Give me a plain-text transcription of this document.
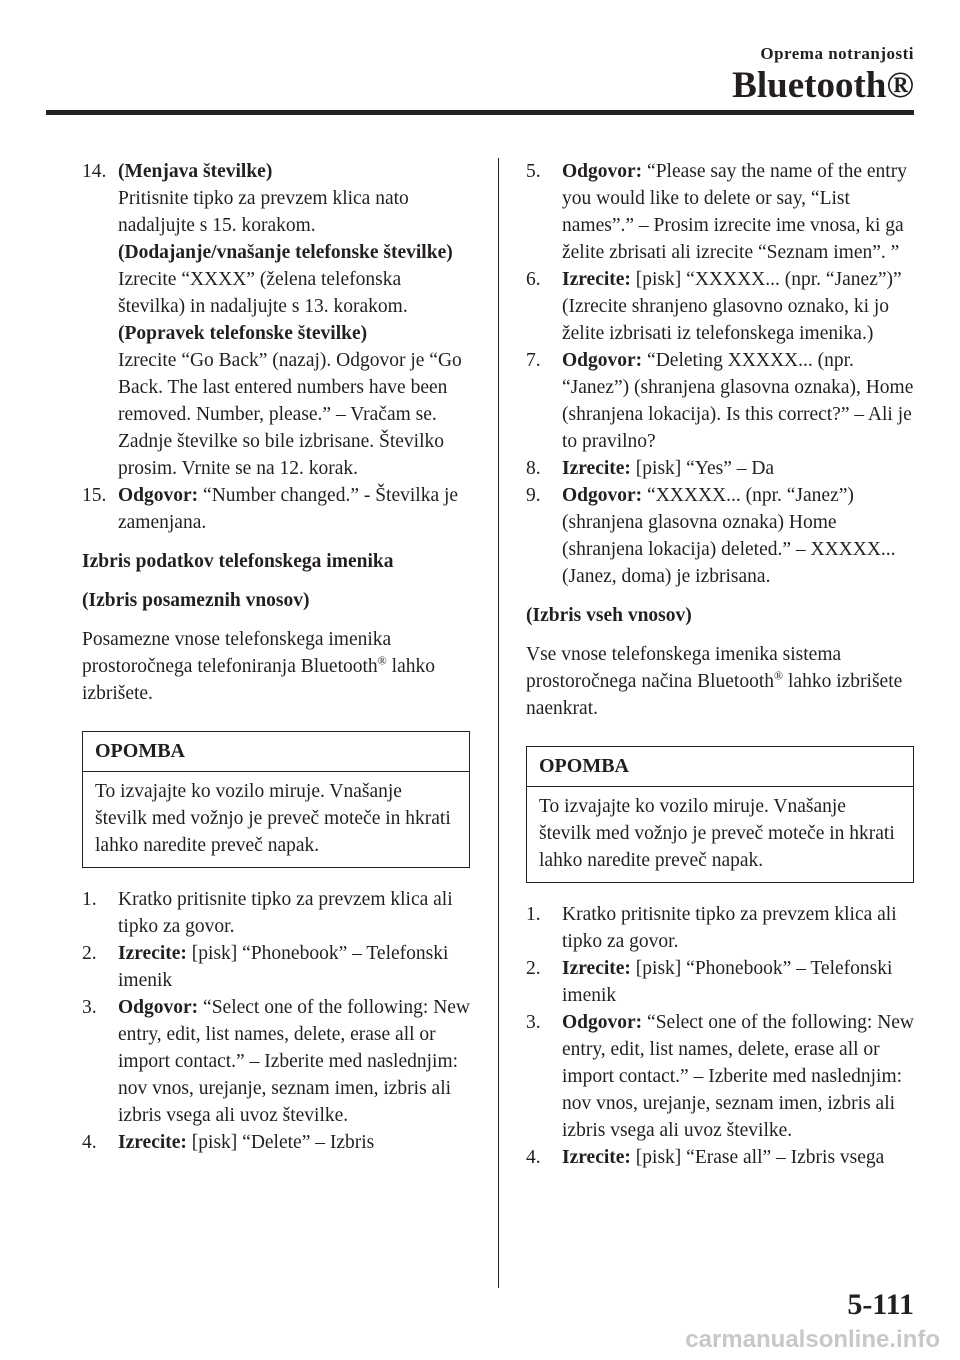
Oprema notranjosti
Bluetooth®
14. (Menjava številke)

Pritisnite tipko za prevzem klica nato nadaljujte s 15. korakom.

(Dodajanje/vnašanje telefonske številke)

Izrecite “XXXX” (želena telefonska številka) in nadaljujte s 13. korakom.

(Popravek telefonske številke)

Izrecite “Go Back” (nazaj). Odgovor je “Go Back. The last entered numbers have been removed. Number, please.” – Vračam se. Zadnje številke so bile izbrisane. Številko prosim. Vrnite se na 12. korak.

15. Odgovor: “Number changed.” - Številka je zamenjana.

Izbris podatkov telefonskega imenika

(Izbris posameznih vnosov)

Posamezne vnose telefonskega imenika prostoročnega telefoniranja Bluetooth® lahko izbrišete.

OPOMBA
To izvajajte ko vozilo miruje. Vnašanje številk med vožnjo je preveč moteče in hkrati lahko naredite preveč napak.
1.	Kratko pritisnite tipko za prevzem klica ali tipko za govor.
2.	Izrecite: [pisk] “Phonebook” – Telefonski imenik
3.	Odgovor: “Select one of the following: New entry, edit, list names, delete, erase all or import contact.” – Izberite med naslednjim: nov vnos, urejanje, seznam imen, izbris ali izbris vsega ali uvoz številke.
4.	Izrecite: [pisk] “Delete” – Izbris
5.	Odgovor: “Please say the name of the entry you would like to delete or say, “List names”.” – Prosim izrecite ime vnosa, ki ga želite zbrisati ali izrecite “Seznam imen”. ”
6.	Izrecite: [pisk] “XXXXX... (npr. “Janez”)” (Izrecite shranjeno glasovno oznako, ki jo želite izbrisati iz telefonskega imenika.)
7.	Odgovor: “Deleting XXXXX... (npr. “Janez”) (shranjena glasovna oznaka), Home (shranjena lokacija). Is this correct?” – Ali je to pravilno?
8.	Izrecite: [pisk] “Yes” – Da
9.	Odgovor: “XXXXX... (npr. “Janez”) (shranjena glasovna oznaka) Home (shranjena lokacija) deleted.” – XXXXX... (Janez, doma) je izbrisana.

(Izbris vseh vnosov)

Vse vnose telefonskega imenika sistema prostoročnega načina Bluetooth® lahko izbrišete naenkrat.

OPOMBA
To izvajajte ko vozilo miruje. Vnašanje številk med vožnjo je preveč moteče in hkrati lahko naredite preveč napak.
1.	Kratko pritisnite tipko za prevzem klica ali tipko za govor.
2.	Izrecite: [pisk] “Phonebook” – Telefonski imenik
3.	Odgovor: “Select one of the following: New entry, edit, list names, delete, erase all or import contact.” – Izberite med naslednjim: nov vnos, urejanje, seznam imen, izbris ali izbris vsega ali uvoz številke.
4.	Izrecite: [pisk] “Erase all” – Izbris vsega
5-111
carmanualsonline.info
